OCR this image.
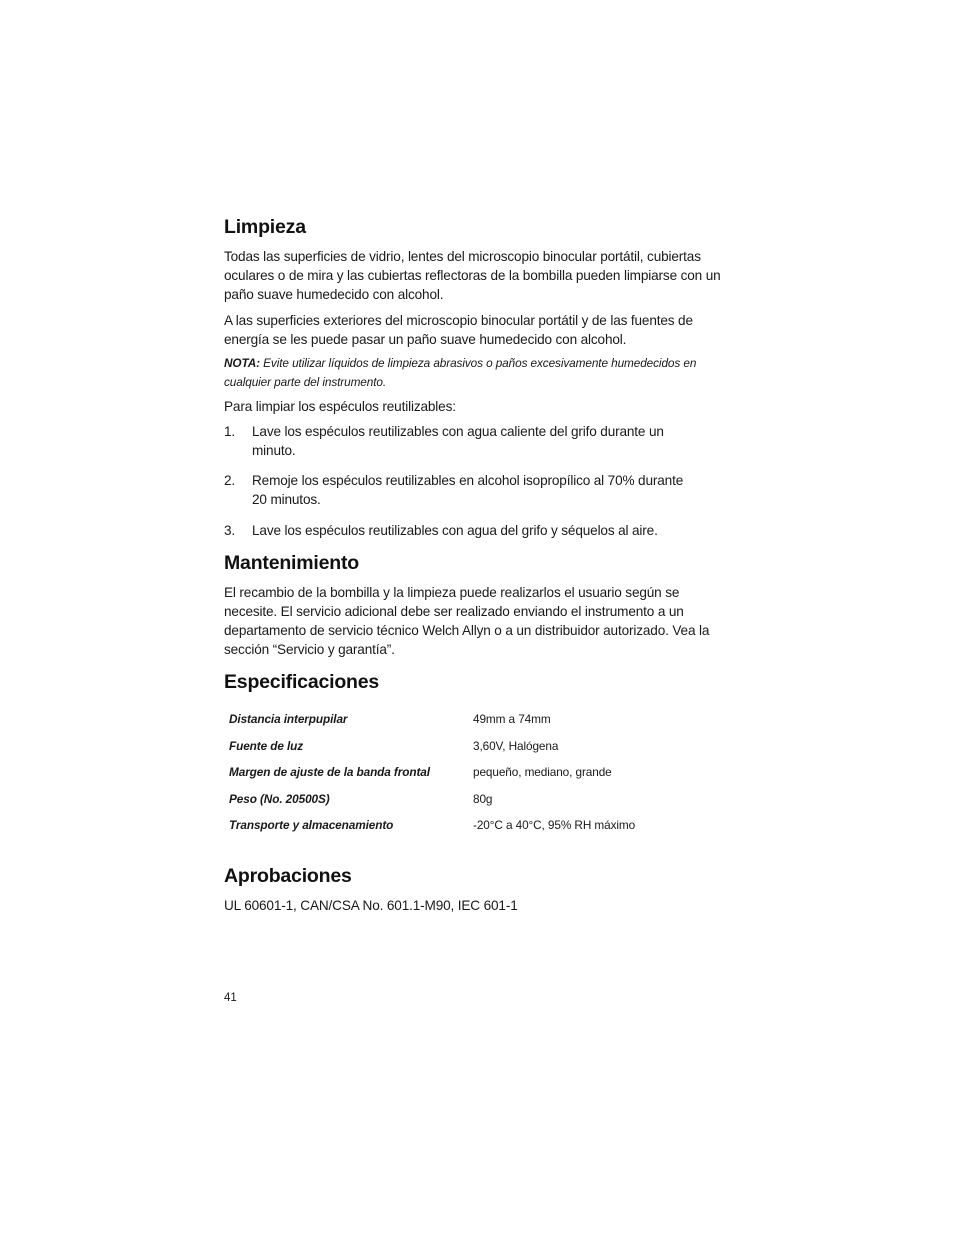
Limpieza

Todas las superficies de vidrio, lentes del microscopio binocular portátil, cubiertas oculares o de mira y las cubiertas reflectoras de la bombilla pueden limpiarse con un paño suave humedecido con alcohol.

A las superficies exteriores del microscopio binocular portátil y de las fuentes de energía se les puede pasar un paño suave humedecido con alcohol.

NOTA: Evite utilizar líquidos de limpieza abrasivos o paños excesivamente humedecidos en cualquier parte del instrumento.

Para limpiar los espéculos reutilizables:

1.	Lave los espéculos reutilizables con agua caliente del grifo durante un minuto.
2.	Remoje los espéculos reutilizables en alcohol isopropílico al 70% durante 20 minutos.
3.	Lave los espéculos reutilizables con agua del grifo y séquelos al aire.
Mantenimiento

El recambio de la bombilla y la limpieza puede realizarlos el usuario según se necesite. El servicio adicional debe ser realizado enviando el instrumento a un departamento de servicio técnico Welch Allyn o a un distribuidor autorizado. Vea la sección “Servicio y garantía”.

Especificaciones
Distancia interpupilar	49mm a 74mm
Fuente de luz	3,60V, Halógena
Margen de ajuste de la banda frontal	pequeño, mediano, grande
Peso (No. 20500S)	80g
Transporte y almacenamiento	-20°C a 40°C, 95% RH máximo
Aprobaciones

UL 60601-1, CAN/CSA No. 601.1-M90, IEC 601-1

41
